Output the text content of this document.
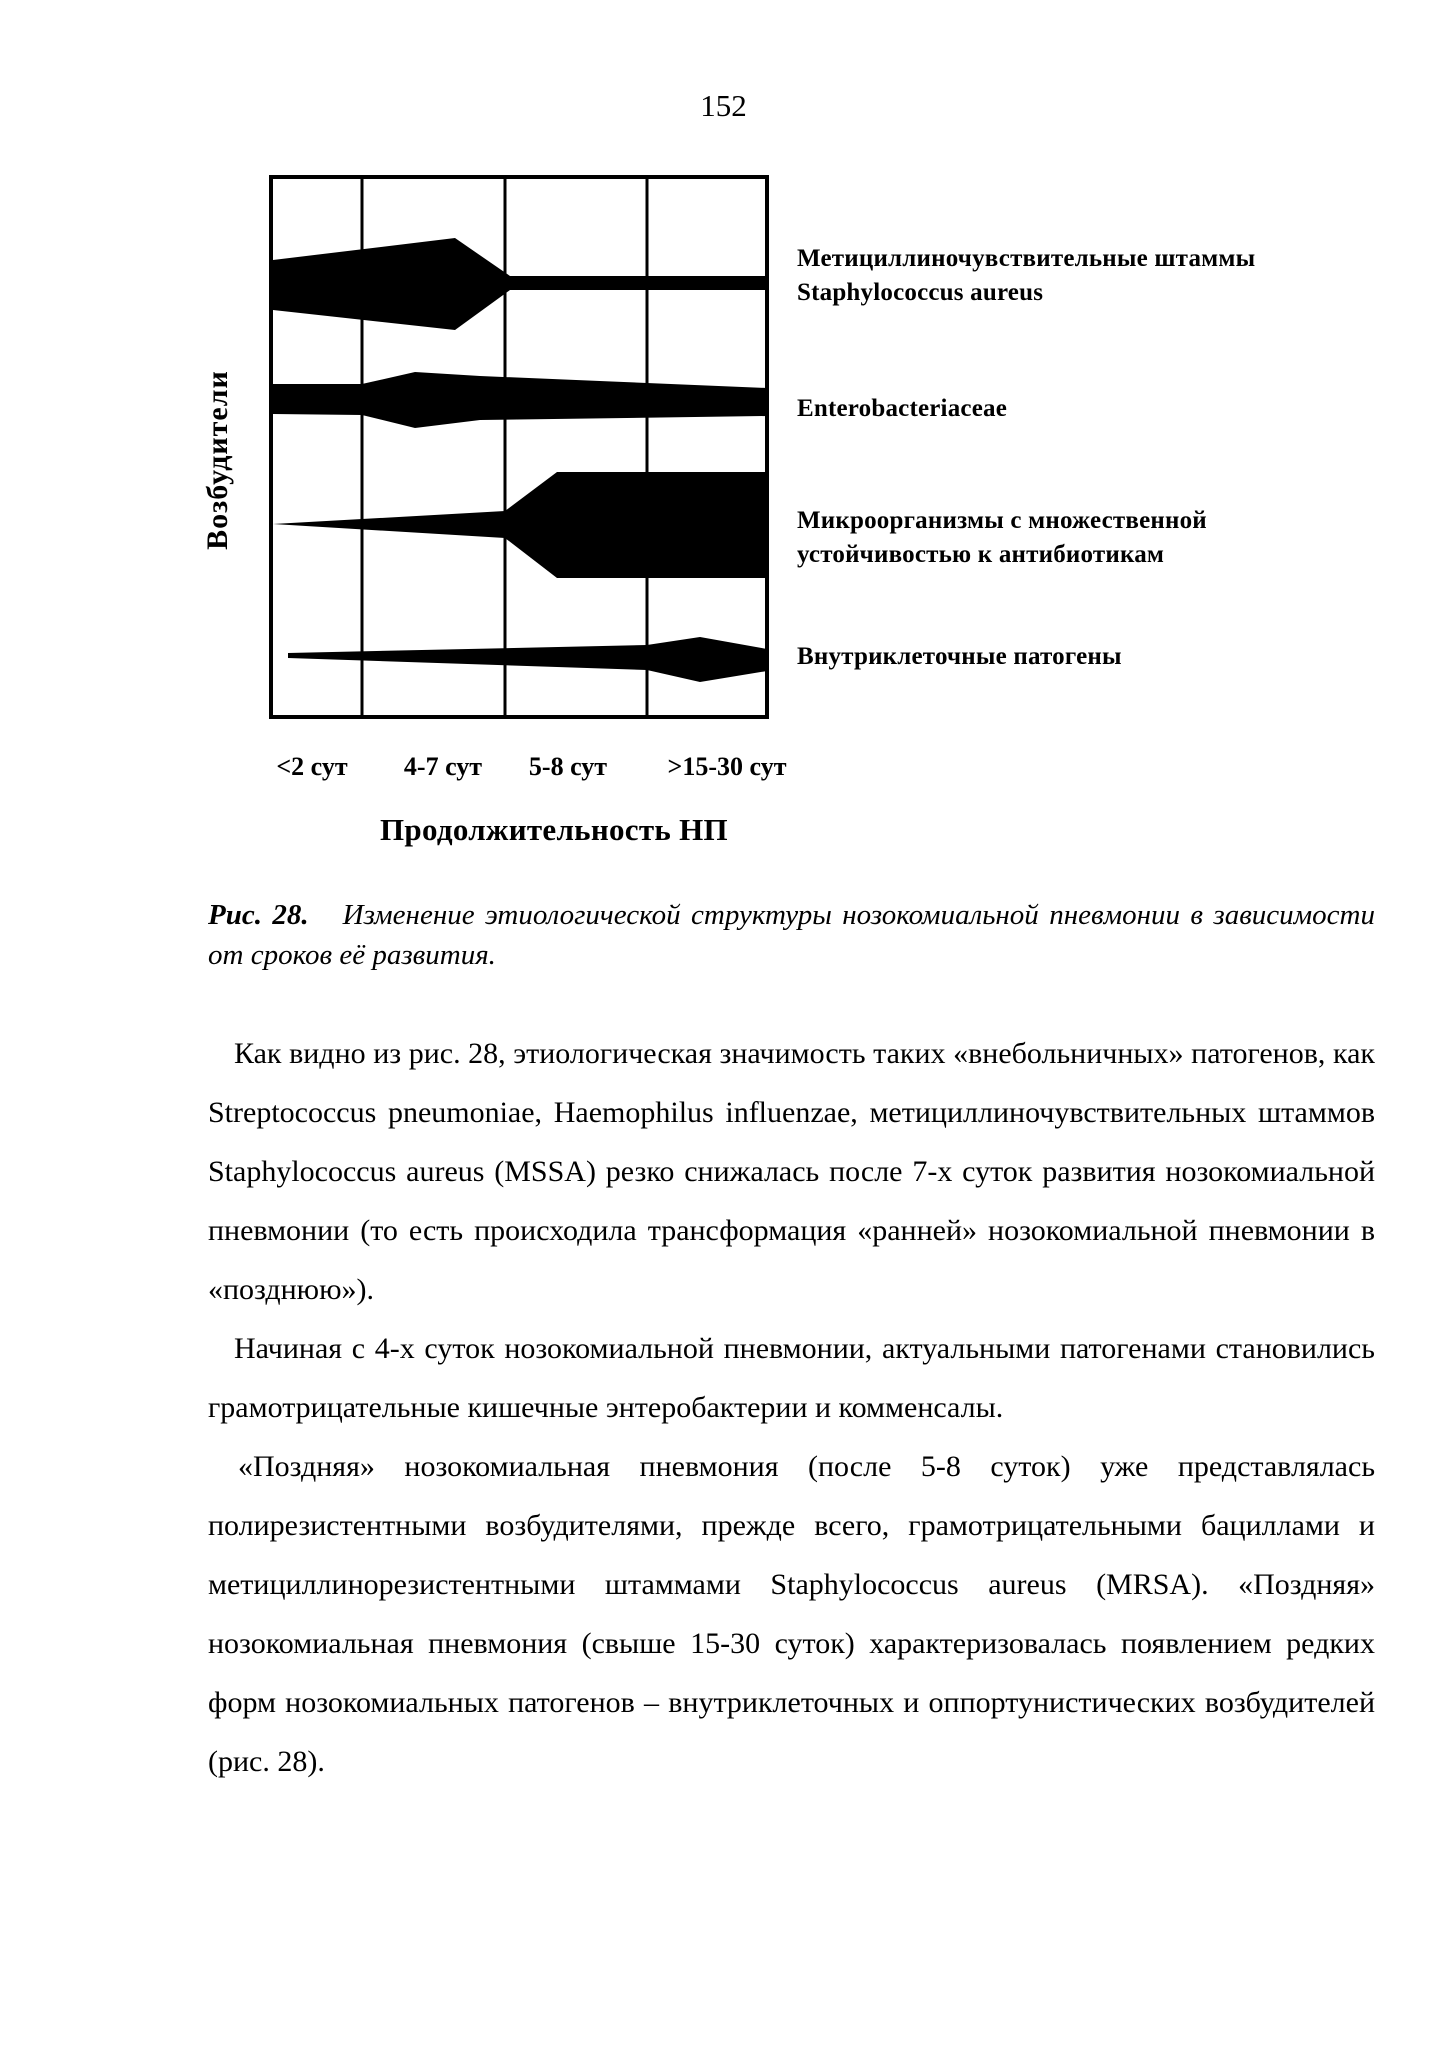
152
Метициллиночувствительные штаммы
Staphylococcus aureus
Enterobacteriaceae
Микроорганизмы с множественной
устойчивостью к антибиотикам
Внутриклеточные патогены
Возбудители
<2 сут 4-7 сут 5-8 сут >15-30 сут
Продолжительность НП
Рис. 28. Изменение этиологической структуры нозокомиальной пневмонии в зависимости от сроков её развития.

Как видно из рис. 28, этиологическая значимость таких «внебольничных» патогенов, как Streptococcus pneumoniae, Haemophilus influenzae, метициллиночувствительных штаммов Staphylococcus aureus (MSSA) резко снижалась после 7-х суток развития нозокомиальной пневмонии (то есть происходила трансформация «ранней» нозокомиальной пневмонии в «позднюю»).

Начиная с 4-х суток нозокомиальной пневмонии, актуальными патогенами становились грамотрицательные кишечные энтеробактерии и комменсалы.

«Поздняя» нозокомиальная пневмония (после 5-8 суток) уже представлялась полирезистентными возбудителями, прежде всего, грамотрицательными бациллами и метициллинорезистентными штаммами Staphylococcus aureus (MRSA). «Поздняя» нозокомиальная пневмония (свыше 15-30 суток) характеризовалась появлением редких форм нозокомиальных патогенов – внутриклеточных и оппортунистических возбудителей (рис. 28).
